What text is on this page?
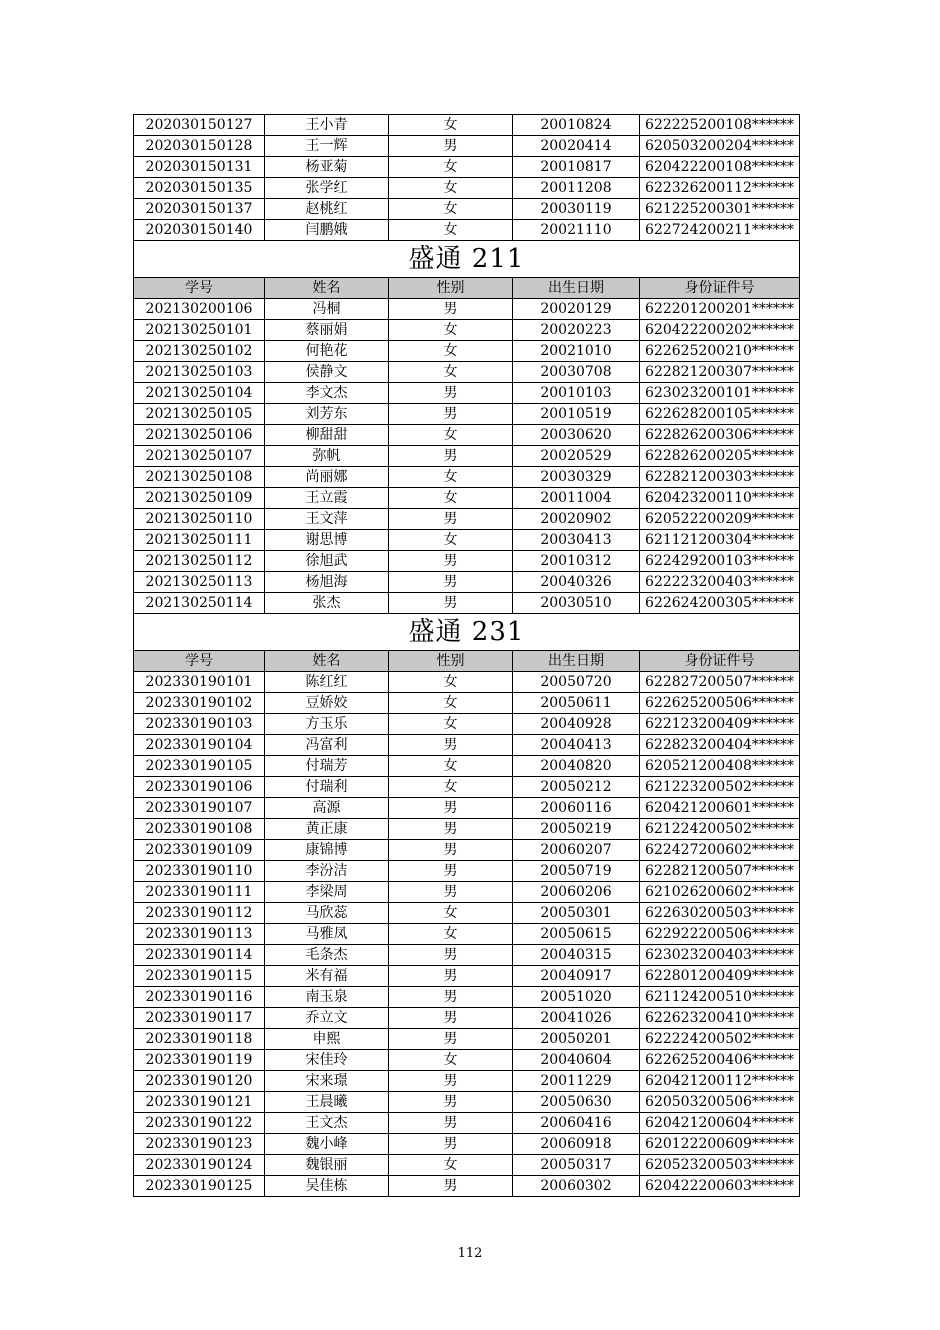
202030150127	王小青	女	20010824	622225200108******
202030150128	王一辉	男	20020414	620503200204******
202030150131	杨亚菊	女	20010817	620422200108******
202030150135	张学红	女	20011208	622326200112******
202030150137	赵桃红	女	20030119	621225200301******
202030150140	闫鹏娥	女	20021110	622724200211******
盛通 211				
学号	姓名	性别	出生日期	身份证件号
202130200106	冯桐	男	20020129	622201200201******
202130250101	蔡丽娟	女	20020223	620422200202******
202130250102	何艳花	女	20021010	622625200210******
202130250103	侯静文	女	20030708	622821200307******
202130250104	李文杰	男	20010103	623023200101******
202130250105	刘芳东	男	20010519	622628200105******
202130250106	柳甜甜	女	20030620	622826200306******
202130250107	弥帆	男	20020529	622826200205******
202130250108	尚丽娜	女	20030329	622821200303******
202130250109	王立霞	女	20011004	620423200110******
202130250110	王文萍	男	20020902	620522200209******
202130250111	谢思博	女	20030413	621121200304******
202130250112	徐旭武	男	20010312	622429200103******
202130250113	杨旭海	男	20040326	622223200403******
202130250114	张杰	男	20030510	622624200305******
盛通 231				
学号	姓名	性别	出生日期	身份证件号
202330190101	陈红红	女	20050720	622827200507******
202330190102	豆娇姣	女	20050611	622625200506******
202330190103	方玉乐	女	20040928	622123200409******
202330190104	冯富利	男	20040413	622823200404******
202330190105	付瑞芳	女	20040820	620521200408******
202330190106	付瑞利	女	20050212	621223200502******
202330190107	高源	男	20060116	620421200601******
202330190108	黄正康	男	20050219	621224200502******
202330190109	康锦博	男	20060207	622427200602******
202330190110	李汾洁	男	20050719	622821200507******
202330190111	李梁周	男	20060206	621026200602******
202330190112	马欣蕊	女	20050301	622630200503******
202330190113	马雅凤	女	20050615	622922200506******
202330190114	毛条杰	男	20040315	623023200403******
202330190115	米有福	男	20040917	622801200409******
202330190116	南玉泉	男	20051020	621124200510******
202330190117	乔立文	男	20041026	622623200410******
202330190118	申熙	男	20050201	622224200502******
202330190119	宋佳玲	女	20040604	622625200406******
202330190120	宋来璟	男	20011229	620421200112******
202330190121	王晨曦	男	20050630	620503200506******
202330190122	王文杰	男	20060416	620421200604******
202330190123	魏小峰	男	20060918	620122200609******
202330190124	魏银丽	女	20050317	620523200503******
202330190125	吴佳栋	男	20060302	620422200603******
112
